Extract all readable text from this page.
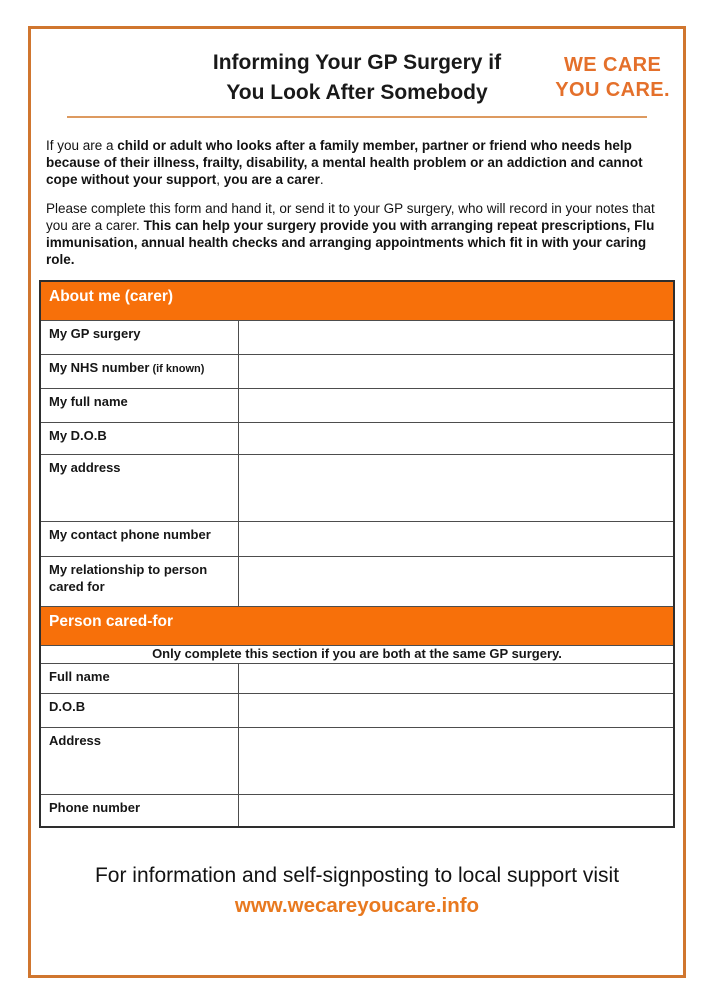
Informing Your GP Surgery if
You Look After Somebody
WE CARE
YOU CARE.
If you are a child or adult who looks after a family member, partner or friend who needs help because of their illness, frailty, disability, a mental health problem or an addiction and cannot cope without your support, you are a carer.
Please complete this form and hand it, or send it to your GP surgery, who will record in your notes that you are a carer. This can help your surgery provide you with arranging repeat prescriptions, Flu immunisation, annual health checks and arranging appointments which fit in with your caring role.
About me (carer)
My GP surgery
My NHS number (if known)
My full name
My D.O.B
My address
My contact phone number
My relationship to person cared for
Person cared-for
Only complete this section if you are both at the same GP surgery.
Full name
D.O.B
Address
Phone number
For information and self-signposting to local support visit
www.wecareyoucare.info
